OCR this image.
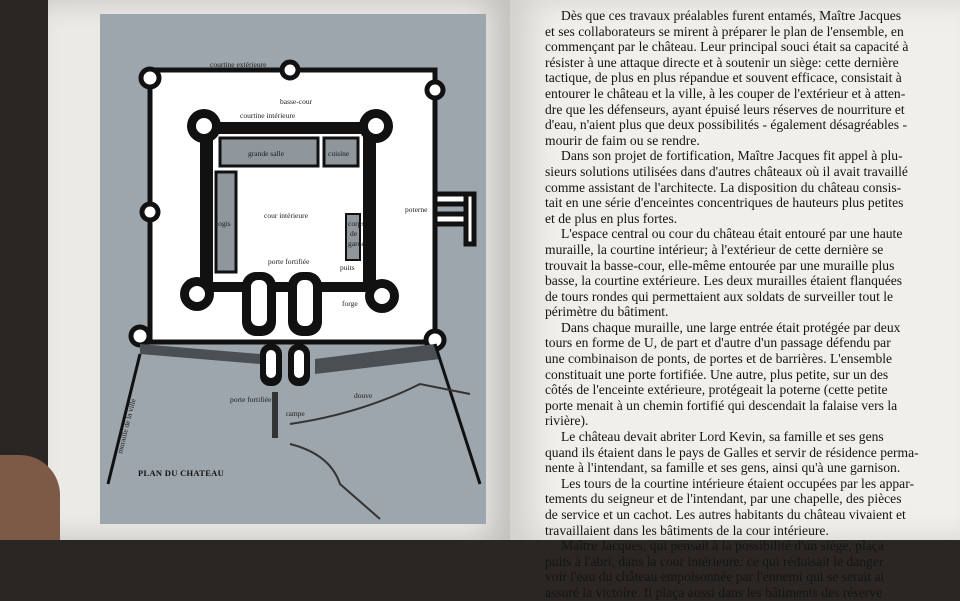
courtine extérieure
basse-cour
courtine intérieure
grande salle	cuisine
cour intérieure
logis
poterne
corps
de
garde
porte fortifiée
puits
forge
porte fortifiée	douve
rampe
muraille de la ville
PLAN DU CHATEAU
Dès que ces travaux préalables furent entamés, Maître Jacques
et ses collaborateurs se mirent à préparer le plan de l'ensemble, en
commençant par le château. Leur principal souci était sa capacité à
résister à une attaque directe et à soutenir un siège: cette dernière
tactique, de plus en plus répandue et souvent efficace, consistait à
entourer le château et la ville, à les couper de l'extérieur et à atten-
dre que les défenseurs, ayant épuisé leurs réserves de nourriture et
d'eau, n'aient plus que deux possibilités - également désagréables -
mourir de faim ou se rendre.
Dans son projet de fortification, Maître Jacques fit appel à plu-
sieurs solutions utilisées dans d'autres châteaux où il avait travaillé
comme assistant de l'architecte. La disposition du château consis-
tait en une série d'enceintes concentriques de hauteurs plus petites
et de plus en plus fortes.
L'espace central ou cour du château était entouré par une haute
muraille, la courtine intérieur; à l'extérieur de cette dernière se
trouvait la basse-cour, elle-même entourée par une muraille plus
basse, la courtine extérieure. Les deux murailles étaient flanquées
de tours rondes qui permettaient aux soldats de surveiller tout le
périmètre du bâtiment.
Dans chaque muraille, une large entrée était protégée par deux
tours en forme de U, de part et d'autre d'un passage défendu par
une combinaison de ponts, de portes et de barrières. L'ensemble
constituait une porte fortifiée. Une autre, plus petite, sur un des
côtés de l'enceinte extérieure, protégeait la poterne (cette petite
porte menait à un chemin fortifié qui descendait la falaise vers la
rivière).
Le château devait abriter Lord Kevin, sa famille et ses gens
quand ils étaient dans le pays de Galles et servir de résidence perma-
nente à l'intendant, sa famille et ses gens, ainsi qu'à une garnison.
Les tours de la courtine intérieure étaient occupées par les appar-
tements du seigneur et de l'intendant, par une chapelle, des pièces
de service et un cachot. Les autres habitants du château vivaient et
travaillaient dans les bâtiments de la cour intérieure.
Maître Jacques, qui pensait à la possibilité d'un siège, plaça
puits à l'abri, dans la cour intérieure: ce qui réduisait le danger
voir l'eau du château empoisonnée par l'ennemi qui se serait ai
assuré la victoire. Il plaça aussi dans les bâtiments des réserve
